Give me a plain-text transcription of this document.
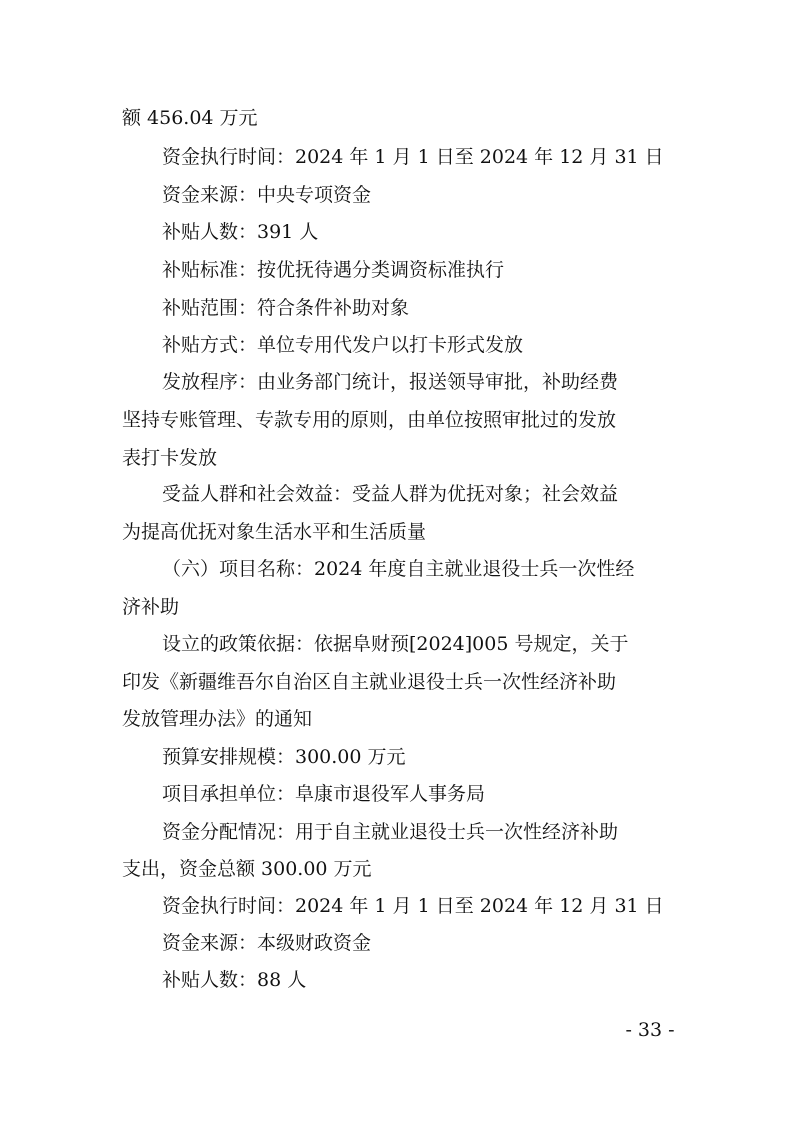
额 456.04 万元
资金执行时间：2024 年 1 月 1 日至 2024 年 12 月 31 日
资金来源：中央专项资金
补贴人数：391 人
补贴标准：按优抚待遇分类调资标准执行
补贴范围：符合条件补助对象
补贴方式：单位专用代发户以打卡形式发放
发放程序：由业务部门统计，报送领导审批，补助经费
坚持专账管理、专款专用的原则，由单位按照审批过的发放
表打卡发放
受益人群和社会效益：受益人群为优抚对象；社会效益
为提高优抚对象生活水平和生活质量
（六）项目名称：2024 年度自主就业退役士兵一次性经
济补助
设立的政策依据：依据阜财预[2024]005 号规定，关于
印发《新疆维吾尔自治区自主就业退役士兵一次性经济补助
发放管理办法》的通知
预算安排规模：300.00 万元
项目承担单位：阜康市退役军人事务局
资金分配情况：用于自主就业退役士兵一次性经济补助
支出，资金总额 300.00 万元
资金执行时间：2024 年 1 月 1 日至 2024 年 12 月 31 日
资金来源：本级财政资金
补贴人数：88 人
- 33 -
